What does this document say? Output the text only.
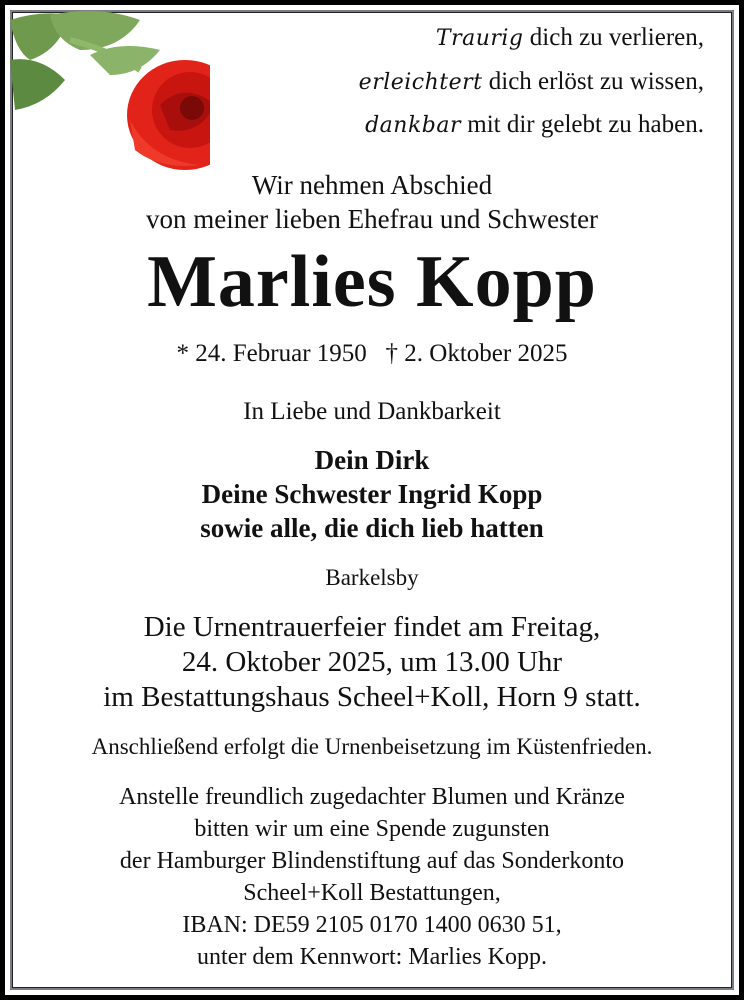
Traurig dich zu verlieren,
erleichtert dich erlöst zu wissen,
dankbar mit dir gelebt zu haben.
Wir nehmen Abschied
von meiner lieben Ehefrau und Schwester
Marlies Kopp
* 24. Februar 1950   † 2. Oktober 2025
In Liebe und Dankbarkeit
Dein Dirk
Deine Schwester Ingrid Kopp
sowie alle, die dich lieb hatten
Barkelsby
Die Urnentrauerfeier findet am Freitag,
24. Oktober 2025, um 13.00 Uhr
im Bestattungshaus Scheel+Koll, Horn 9 statt.
Anschließend erfolgt die Urnenbeisetzung im Küstenfrieden.
Anstelle freundlich zugedachter Blumen und Kränze
bitten wir um eine Spende zugunsten
der Hamburger Blindenstiftung auf das Sonderkonto
Scheel+Koll Bestattungen,
IBAN: DE59 2105 0170 1400 0630 51,
unter dem Kennwort: Marlies Kopp.
